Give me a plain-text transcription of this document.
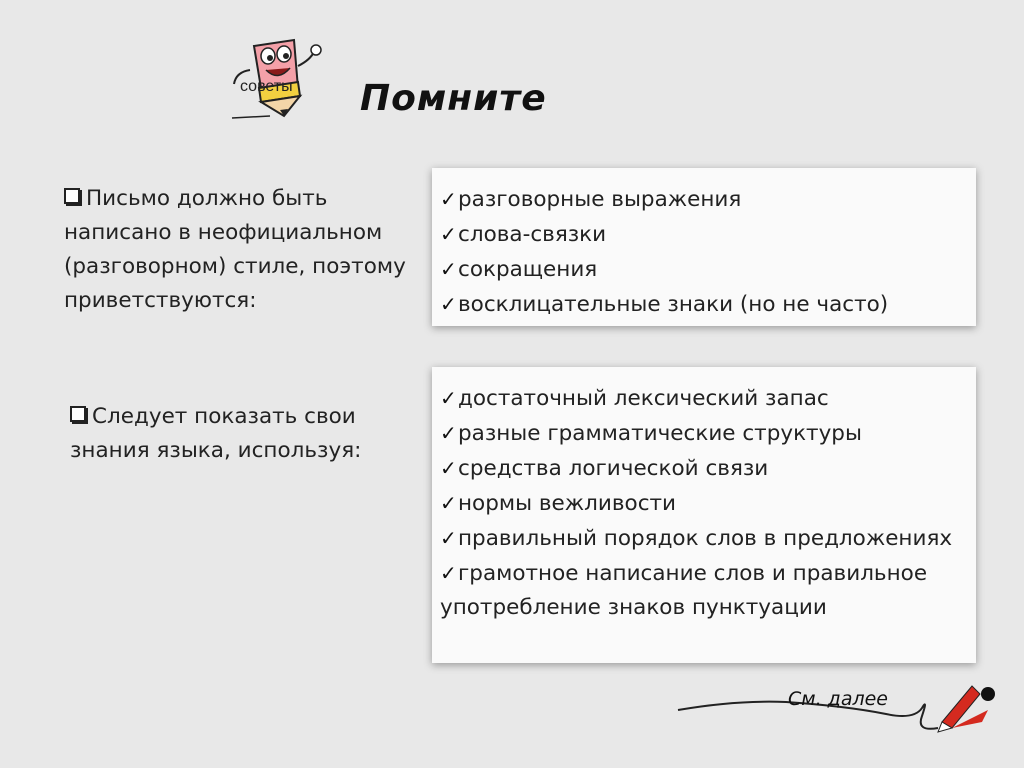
советы Помните
Письмо должно быть написано в неофициальном (разговорном) стиле, поэтому приветствуются:
✓разговорные выражения
✓слова-связки
✓сокращения
✓восклицательные знаки (но не часто)
Следует показать свои знания языка, используя:
✓достаточный лексический запас
✓разные грамматические структуры
✓средства логической связи
✓нормы вежливости
✓правильный порядок слов в предложениях
✓грамотное написание слов и правильное употребление знаков пунктуации
См. далее
